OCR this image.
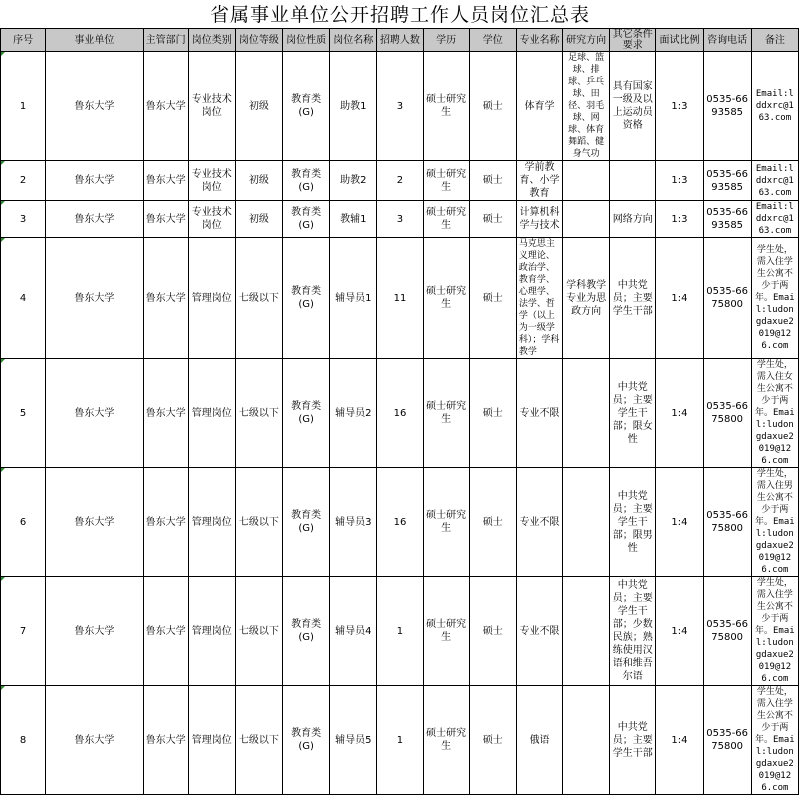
省属事业单位公开招聘工作人员岗位汇总表
序号	事业单位	主管部门	岗位类别	岗位等级	岗位性质	岗位名称	招聘人数	学历	学位	专业名称	研究方向	其它条件要求	面试比例	咨询电话	备注
1	鲁东大学	鲁东大学	专业技术岗位	初级	教育类(G)	助教1	3	硕士研究生	硕士	体育学	足球、篮球、排球、乒乓球、田径、羽毛球、网球、体育舞蹈、健身气功	具有国家一级及以上运动员资格	1:3	0535-6693585	Email:lddxrc@163.com
2	鲁东大学	鲁东大学	专业技术岗位	初级	教育类(G)	助教2	2	硕士研究生	硕士	学前教育、小学教育			1:3	0535-6693585	Email:lddxrc@163.com
3	鲁东大学	鲁东大学	专业技术岗位	初级	教育类(G)	教辅1	3	硕士研究生	硕士	计算机科学与技术		网络方向	1:3	0535-6693585	Email:lddxrc@163.com
4	鲁东大学	鲁东大学	管理岗位	七级以下	教育类(G)	辅导员1	11	硕士研究生	硕士	马克思主义理论、政治学、教育学、心理学、法学、哲学（以上为一级学科）；学科教学	学科教学专业为思政方向	中共党员；主要学生干部	1:4	0535-6675800	学生处，需入住学生公寓不少于两年。Email:ludongdaxue2019@126.com
5	鲁东大学	鲁东大学	管理岗位	七级以下	教育类(G)	辅导员2	16	硕士研究生	硕士	专业不限		中共党员；主要学生干部；限女性	1:4	0535-6675800	学生处，需入住女生公寓不少于两年。Email:ludongdaxue2019@126.com
6	鲁东大学	鲁东大学	管理岗位	七级以下	教育类(G)	辅导员3	16	硕士研究生	硕士	专业不限		中共党员；主要学生干部；限男性	1:4	0535-6675800	学生处，需入住男生公寓不少于两年。Email:ludongdaxue2019@126.com
7	鲁东大学	鲁东大学	管理岗位	七级以下	教育类(G)	辅导员4	1	硕士研究生	硕士	专业不限		中共党员；主要学生干部；少数民族；熟练使用汉语和维吾尔语	1:4	0535-6675800	学生处，需入住学生公寓不少于两年。Email:ludongdaxue2019@126.com
8	鲁东大学	鲁东大学	管理岗位	七级以下	教育类(G)	辅导员5	1	硕士研究生	硕士	俄语		中共党员；主要学生干部	1:4	0535-6675800	学生处，需入住学生公寓不少于两年。Email:ludongdaxue2019@126.com
